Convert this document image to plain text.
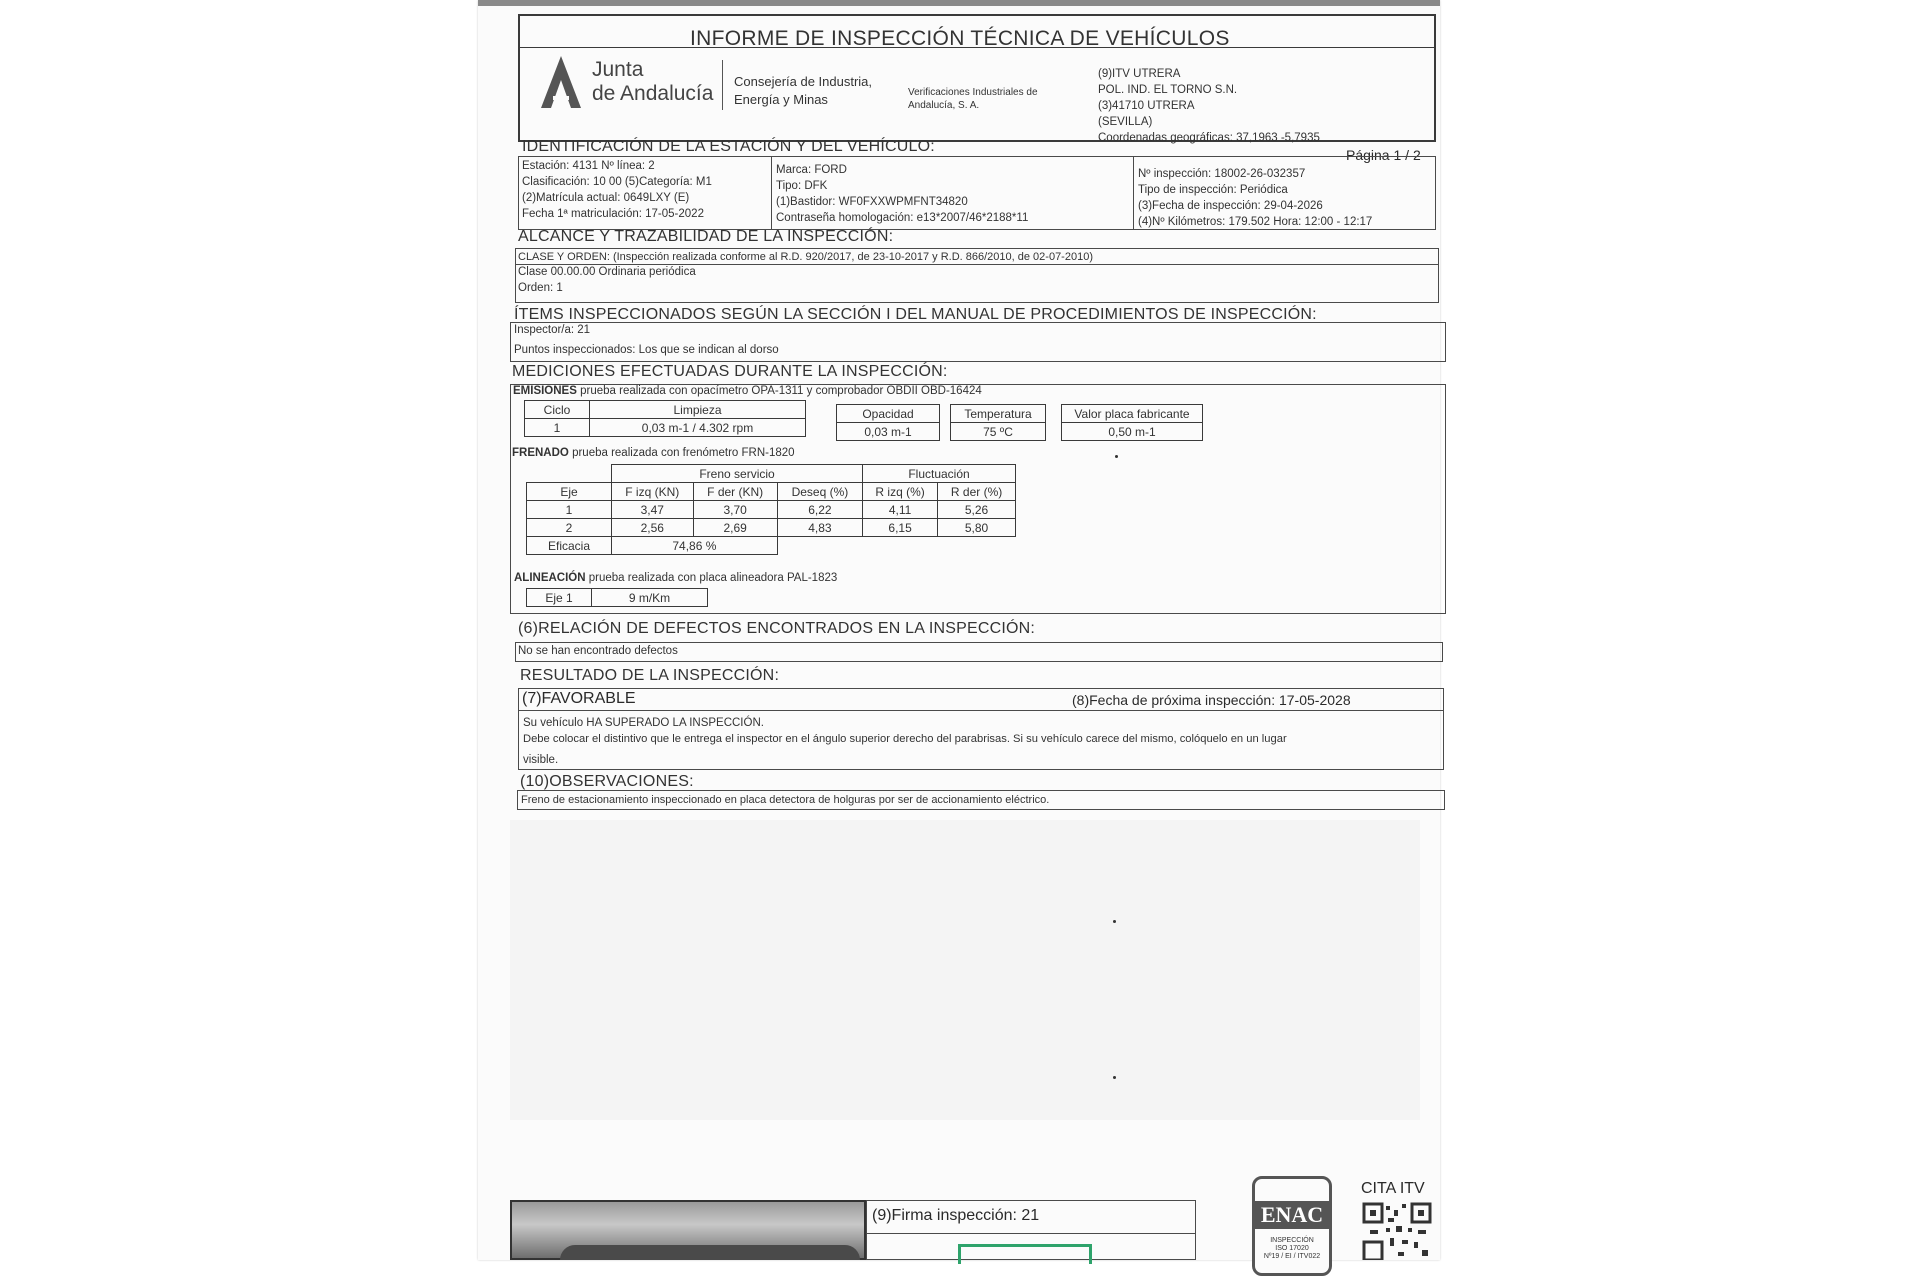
INFORME DE INSPECCIÓN TÉCNICA DE VEHÍCULOS
Junta
de Andalucía
Consejería de Industria,
Energía y Minas	Verificaciones Industriales de
Andalucía, S. A.
(9)ITV UTRERA
POL. IND. EL TORNO S.N.
(3)41710 UTRERA
(SEVILLA)
Coordenadas geográficas: 37,1963 -5,7935
IDENTIFICACIÓN DE LA ESTACIÓN Y DEL VEHÍCULO:	Página 1 / 2
Estación: 4131 Nº línea: 2
Clasificación: 10 00 (5)Categoría: M1
(2)Matrícula actual: 0649LXY (E)
Fecha 1ª matriculación: 17-05-2022
Marca: FORD
Tipo: DFK
(1)Bastidor: WF0FXXWPMFNT34820
Contraseña homologación: e13*2007/46*2188*11
Nº inspección: 18002-26-032357
Tipo de inspección: Periódica
(3)Fecha de inspección: 29-04-2026
(4)Nº Kilómetros: 179.502 Hora: 12:00 - 12:17
ALCANCE Y TRAZABILIDAD DE LA INSPECCIÓN:
CLASE Y ORDEN: (Inspección realizada conforme al R.D. 920/2017, de 23-10-2017 y R.D. 866/2010, de 02-07-2010)
Clase 00.00.00 Ordinaria periódica
Orden: 1
ÍTEMS INSPECCIONADOS SEGÚN LA SECCIÓN I DEL MANUAL DE PROCEDIMIENTOS DE INSPECCIÓN:
Inspector/a: 21
Puntos inspeccionados: Los que se indican al dorso
MEDICIONES EFECTUADAS DURANTE LA INSPECCIÓN:
EMISIONES prueba realizada con opacímetro OPA-1311 y comprobador OBDII OBD-16424
Ciclo	Limpieza
1	0,03 m-1 / 4.302 rpm
Opacidad
0,03 m-1
Temperatura
75 ºC
Valor placa fabricante
0,50 m-1
FRENADO prueba realizada con frenómetro FRN-1820
	Freno servicio			Fluctuación	
Eje	F izq (KN)	F der (KN)	Deseq (%)	R izq (%)	R der (%)
1	3,47	3,70	6,22	4,11	5,26
2	2,56	2,69	4,83	6,15	5,80
Eficacia	74,86 %				
ALINEACIÓN prueba realizada con placa alineadora PAL-1823
Eje 1	9 m/Km
(6)RELACIÓN DE DEFECTOS ENCONTRADOS EN LA INSPECCIÓN:
No se han encontrado defectos
RESULTADO DE LA INSPECCIÓN:
(7)FAVORABLE	(8)Fecha de próxima inspección: 17-05-2028
Su vehículo HA SUPERADO LA INSPECCIÓN.
Debe colocar el distintivo que le entrega el inspector en el ángulo superior derecho del parabrisas. Si su vehículo carece del mismo, colóquelo en un lugar
visible.
(10)OBSERVACIONES:
Freno de estacionamiento inspeccionado en placa detectora de holguras por ser de accionamiento eléctrico.
(9)Firma inspección: 21	ENAC
INSPECCIÓN
ISO 17020
Nº19 / EI / ITV022
CITA ITV
